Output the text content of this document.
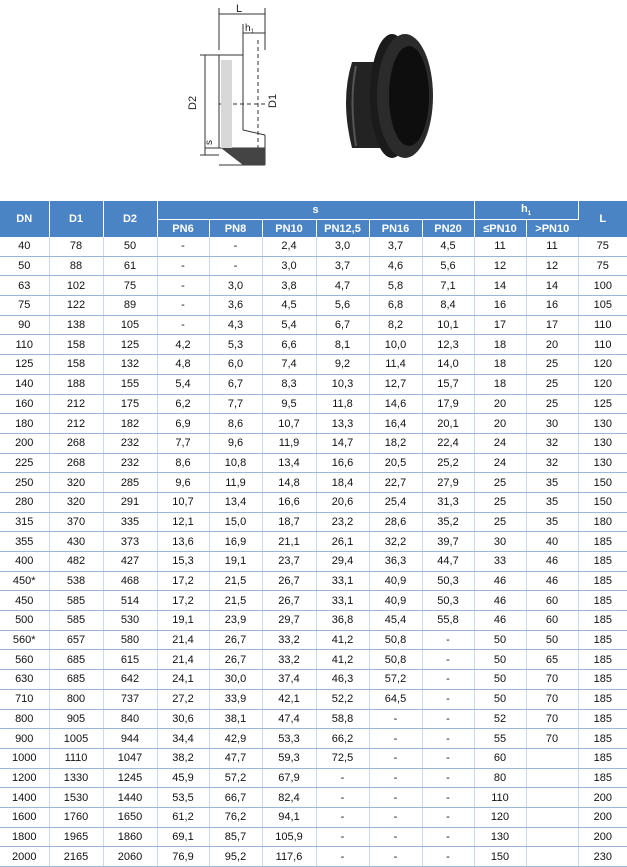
L
$h_1$
D2	D1
s
DN	D1	D2	s						$h_1$		L
			PN6	PN8	PN10	PN12,5	PN16	PN20	≤PN10	>PN10	
40	78	50	-	-	2,4	3,0	3,7	4,5	11	11	75
50	88	61	-	-	3,0	3,7	4,6	5,6	12	12	75
63	102	75	-	3,0	3,8	4,7	5,8	7,1	14	14	100
75	122	89	-	3,6	4,5	5,6	6,8	8,4	16	16	105
90	138	105	-	4,3	5,4	6,7	8,2	10,1	17	17	110
110	158	125	4,2	5,3	6,6	8,1	10,0	12,3	18	20	110
125	158	132	4,8	6,0	7,4	9,2	11,4	14,0	18	25	120
140	188	155	5,4	6,7	8,3	10,3	12,7	15,7	18	25	120
160	212	175	6,2	7,7	9,5	11,8	14,6	17,9	20	25	125
180	212	182	6,9	8,6	10,7	13,3	16,4	20,1	20	30	130
200	268	232	7,7	9,6	11,9	14,7	18,2	22,4	24	32	130
225	268	232	8,6	10,8	13,4	16,6	20,5	25,2	24	32	130
250	320	285	9,6	11,9	14,8	18,4	22,7	27,9	25	35	150
280	320	291	10,7	13,4	16,6	20,6	25,4	31,3	25	35	150
315	370	335	12,1	15,0	18,7	23,2	28,6	35,2	25	35	180
355	430	373	13,6	16,9	21,1	26,1	32,2	39,7	30	40	185
400	482	427	15,3	19,1	23,7	29,4	36,3	44,7	33	46	185
450*	538	468	17,2	21,5	26,7	33,1	40,9	50,3	46	46	185
450	585	514	17,2	21,5	26,7	33,1	40,9	50,3	46	60	185
500	585	530	19,1	23,9	29,7	36,8	45,4	55,8	46	60	185
560*	657	580	21,4	26,7	33,2	41,2	50,8	-	50	50	185
560	685	615	21,4	26,7	33,2	41,2	50,8	-	50	65	185
630	685	642	24,1	30,0	37,4	46,3	57,2	-	50	70	185
710	800	737	27,2	33,9	42,1	52,2	64,5	-	50	70	185
800	905	840	30,6	38,1	47,4	58,8	-	-	52	70	185
900	1005	944	34,4	42,9	53,3	66,2	-	-	55	70	185
1000	1110	1047	38,2	47,7	59,3	72,5	-	-	60		185
1200	1330	1245	45,9	57,2	67,9	-	-	-	80		185
1400	1530	1440	53,5	66,7	82,4	-	-	-	110		200
1600	1760	1650	61,2	76,2	94,1	-	-	-	120		200
1800	1965	1860	69,1	85,7	105,9	-	-	-	130		200
2000	2165	2060	76,9	95,2	117,6	-	-	-	150		230
